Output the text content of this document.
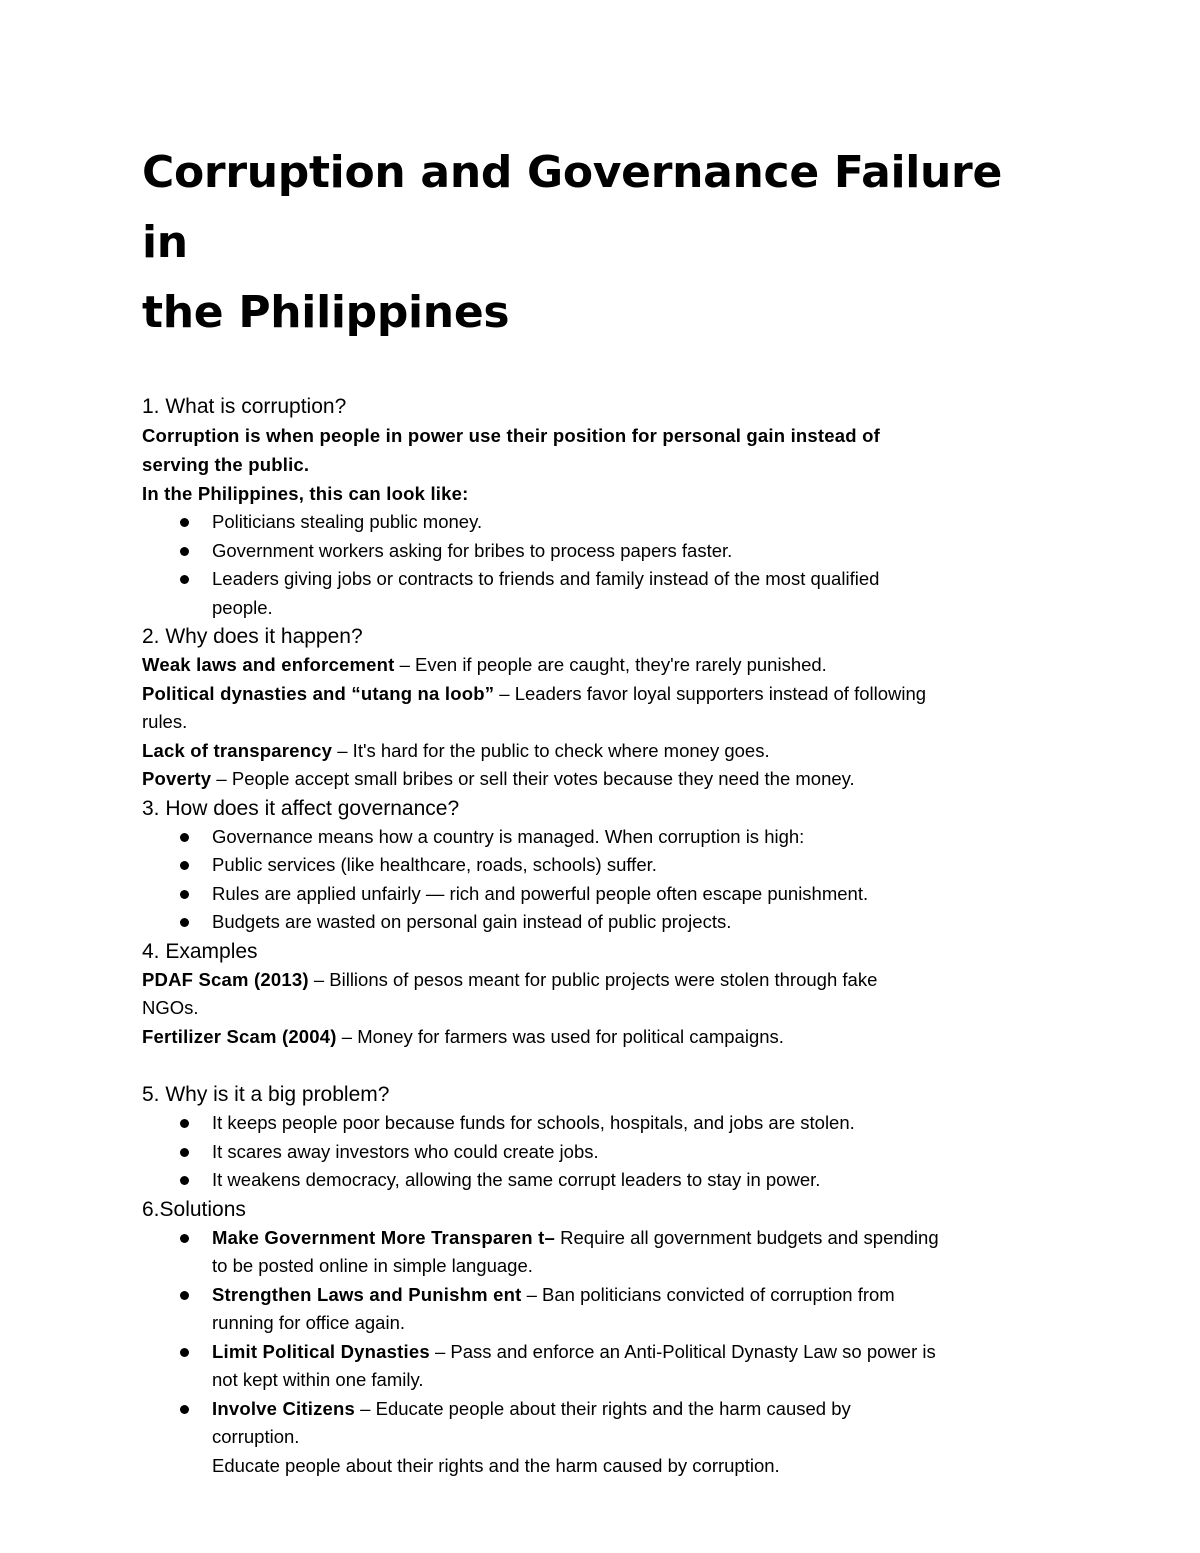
Corruption and Governance Failure in
the Philippines
1. What is corruption?

Corruption is when people in power use their position for personal gain instead of
serving the public.

In the Philippines, this can look like:

Politicians stealing public money.
Government workers asking for bribes to process papers faster.
Leaders giving jobs or contracts to friends and family instead of the most qualified
people.
2. Why does it happen?

Weak laws and enforcement – Even if people are caught, they're rarely punished.

Political dynasties and “utang na loob” – Leaders favor loyal supporters instead of following
rules.

Lack of transparency – It's hard for the public to check where money goes.

Poverty – People accept small bribes or sell their votes because they need the money.

3. How does it affect governance?
Governance means how a country is managed. When corruption is high:
Public services (like healthcare, roads, schools) suffer.
Rules are applied unfairly — rich and powerful people often escape punishment.
Budgets are wasted on personal gain instead of public projects.
4. Examples

PDAF Scam (2013) – Billions of pesos meant for public projects were stolen through fake
NGOs.

Fertilizer Scam (2004) – Money for farmers was used for political campaigns.

5. Why is it a big problem?
It keeps people poor because funds for schools, hospitals, and jobs are stolen.
It scares away investors who could create jobs.
It weakens democracy, allowing the same corrupt leaders to stay in power.
6.Solutions
Make Government More Transparen t– Require all government budgets and spending
to be posted online in simple language.
Strengthen Laws and Punishm ent – Ban politicians convicted of corruption from
running for office again.
Limit Political Dynasties – Pass and enforce an Anti-Political Dynasty Law so power is
not kept within one family.
Involve Citizens – Educate people about their rights and the harm caused by
corruption.
Educate people about their rights and the harm caused by corruption.
